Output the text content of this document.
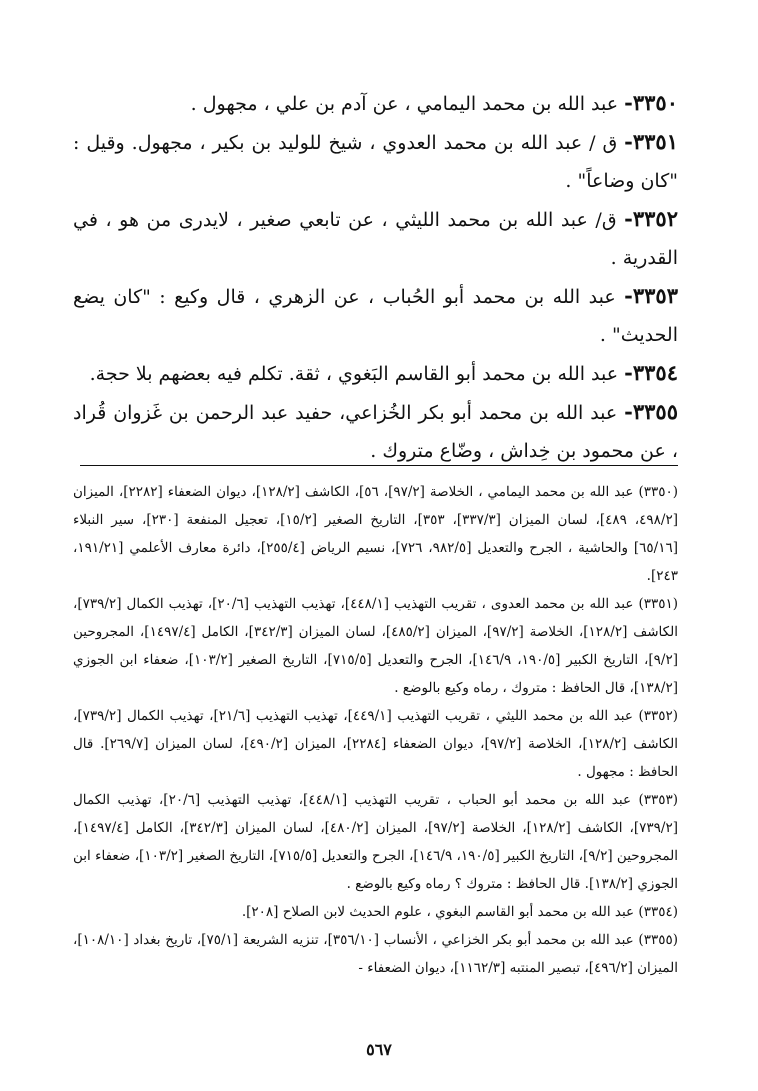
٣٣٥٠- عبد الله بن محمد اليمامي ، عن آدم بن علي ، مجهول .

٣٣٥١- ق / عبد الله بن محمد العدوي ، شيخ للوليد بن بكير ، مجهول. وقيل : "كان وضاعاً" .

٣٣٥٢- ق/ عبد الله بن محمد الليثي ، عن تابعي صغير ، لايدرى من هو ، في القدرية .

٣٣٥٣- عبد الله بن محمد أبو الحُباب ، عن الزهري ، قال وكيع : "كان يضع الحديث" .

٣٣٥٤- عبد الله بن محمد أبو القاسم البَغوي ، ثقة. تكلم فيه بعضهم بلا حجة.

٣٣٥٥- عبد الله بن محمد أبو بكر الخُزاعي، حفيد عبد الرحمن بن غَزوان قُراد ، عن محمود بن خِداش ، وضّاع متروك .

(٣٣٥٠) عبد الله بن محمد اليمامي ، الخلاصة [٩٧/٢]، ٥٦]، الكاشف [١٢٨/٢]، ديوان الضعفاء [٢٢٨٢]، الميزان [٤٩٨/٢، ٤٨٩]، لسان الميزان [٣٣٧/٣]، ٣٥٣]، التاريخ الصغير [١٥/٢]، تعجيل المنفعة [٢٣٠]، سير النبلاء [٦٥/١٦] والحاشية ، الجرح والتعديل [٩٨٢/٥، ٧٢٦]، نسيم الرياض [٢٥٥/٤]، دائرة معارف الأعلمي [١٩١/٢١، ٢٤٣].

(٣٣٥١) عبد الله بن محمد العدوى ، تقريب التهذيب [٤٤٨/١]، تهذيب التهذيب [٢٠/٦]، تهذيب الكمال [٧٣٩/٢]، الكاشف [١٢٨/٢]، الخلاصة [٩٧/٢]، الميزان [٤٨٥/٢]، لسان الميزان [٣٤٢/٣]، الكامل [١٤٩٧/٤]، المجروحين [٩/٢]، التاريخ الكبير [١٩٠/٥، ١٤٦/٩]، الجرح والتعديل [٧١٥/٥]، التاريخ الصغير [١٠٣/٢]، ضعفاء ابن الجوزي [١٣٨/٢]، قال الحافظ : متروك ، رماه وكيع بالوضع .

(٣٣٥٢) عبد الله بن محمد الليثي ، تقريب التهذيب [٤٤٩/١]، تهذيب التهذيب [٢١/٦]، تهذيب الكمال [٧٣٩/٢]، الكاشف [١٢٨/٢]، الخلاصة [٩٧/٢]، ديوان الضعفاء [٢٢٨٤]، الميزان [٤٩٠/٢]، لسان الميزان [٢٦٩/٧]. قال الحافظ : مجهول .

(٣٣٥٣) عبد الله بن محمد أبو الحباب ، تقريب التهذيب [٤٤٨/١]، تهذيب التهذيب [٢٠/٦]، تهذيب الكمال [٧٣٩/٢]، الكاشف [١٢٨/٢]، الخلاصة [٩٧/٢]، الميزان [٤٨٠/٢]، لسان الميزان [٣٤٢/٣]، الكامل [١٤٩٧/٤]، المجروحين [٩/٢]، التاريخ الكبير [١٩٠/٥، ١٤٦/٩]، الجرح والتعديل [٧١٥/٥]، التاريخ الصغير [١٠٣/٢]، ضعفاء ابن الجوزي [١٣٨/٢]. قال الحافظ : متروك ؟ رماه وكيع بالوضع .

(٣٣٥٤) عبد الله بن محمد أبو القاسم البغوي ، علوم الحديث لابن الصلاح [٢٠٨].

(٣٣٥٥) عبد الله بن محمد أبو بكر الخزاعي ، الأنساب [٣٥٦/١٠]، تنزيه الشريعة [٧٥/١]، تاريخ بغداد [١٠٨/١٠]، الميزان [٤٩٦/٢]، تبصير المنتبه [١١٦٢/٣]، ديوان الضعفاء -

٥٦٧
